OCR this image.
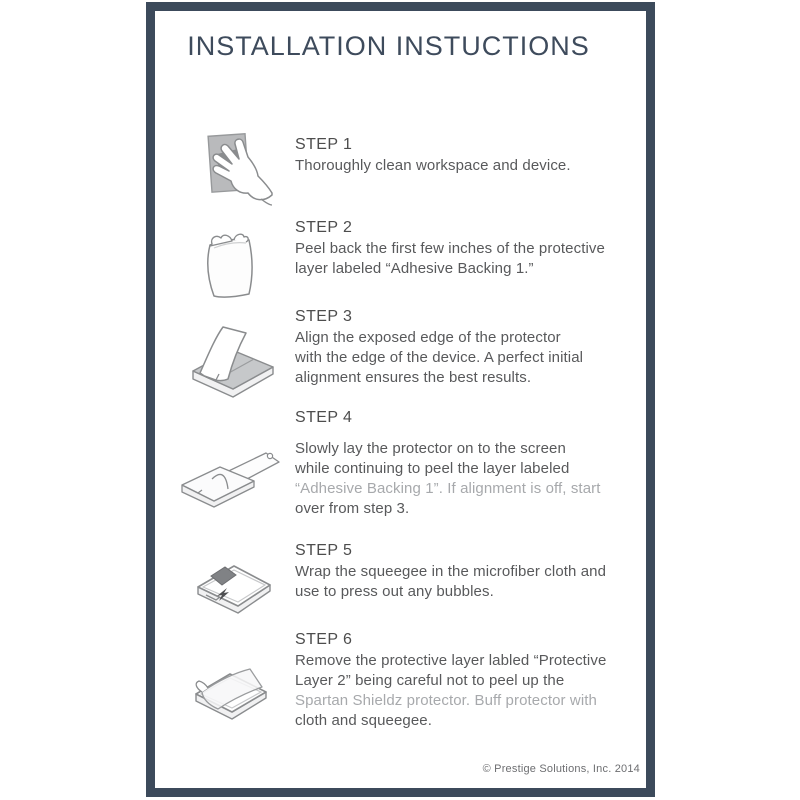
INSTALLATION INSTUCTIONS
STEP 1

Thoroughly clean workspace and device.

STEP 2

Peel back the first few inches of the protective

layer labeled “Adhesive Backing 1.”

STEP 3

Align the exposed edge of the protector

with the edge of the device. A perfect initial

alignment ensures the best results.

STEP 4

Slowly lay the protector on to the screen

while continuing to peel the layer labeled

“Adhesive Backing 1”. If alignment is off, start

over from step 3.

STEP 5

Wrap the squeegee in the microfiber cloth and

use to press out any bubbles.

STEP 6

Remove the protective layer labled “Protective

Layer 2” being careful not to peel up the

Spartan Shieldz protector. Buff protector with

cloth and squeegee.

© Prestige Solutions, Inc. 2014
